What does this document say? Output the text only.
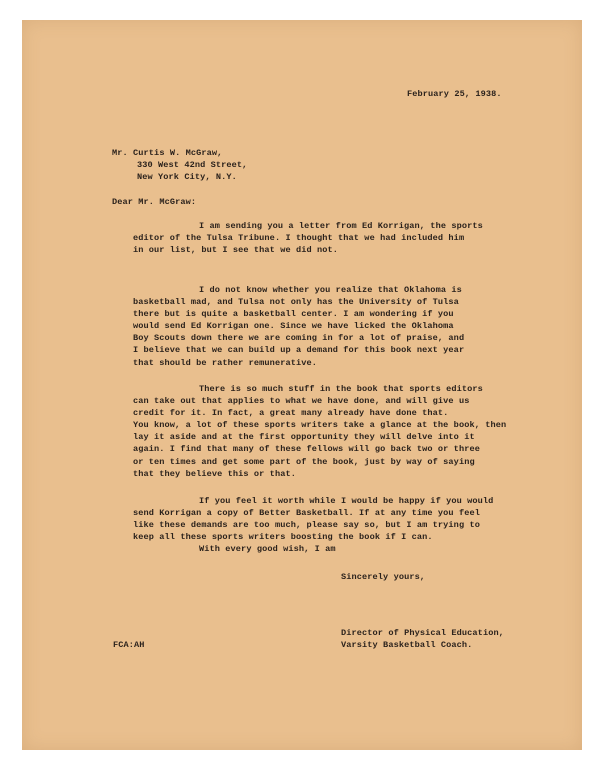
February 25, 1938.
Mr. Curtis W. McGraw,
330 West 42nd Street,
New York City, N.Y.
Dear Mr. McGraw:
I am sending you a letter from Ed Korrigan, the sports
editor of the Tulsa Tribune. I thought that we had included him
in our list, but I see that we did not.
I do not know whether you realize that Oklahoma is
basketball mad, and Tulsa not only has the University of Tulsa
there but is quite a basketball center. I am wondering if you
would send Ed Korrigan one. Since we have licked the Oklahoma
Boy Scouts down there we are coming in for a lot of praise, and
I believe that we can build up a demand for this book next year
that should be rather remunerative.
There is so much stuff in the book that sports editors
can take out that applies to what we have done, and will give us
credit for it. In fact, a great many already have done that.
You know, a lot of these sports writers take a glance at the book, then
lay it aside and at the first opportunity they will delve into it
again. I find that many of these fellows will go back two or three
or ten times and get some part of the book, just by way of saying
that they believe this or that.
If you feel it worth while I would be happy if you would
send Korrigan a copy of Better Basketball. If at any time you feel
like these demands are too much, please say so, but I am trying to
keep all these sports writers boosting the book if I can.
With every good wish, I am
Sincerely yours,
Director of Physical Education,
Varsity Basketball Coach.
FCA:AH
